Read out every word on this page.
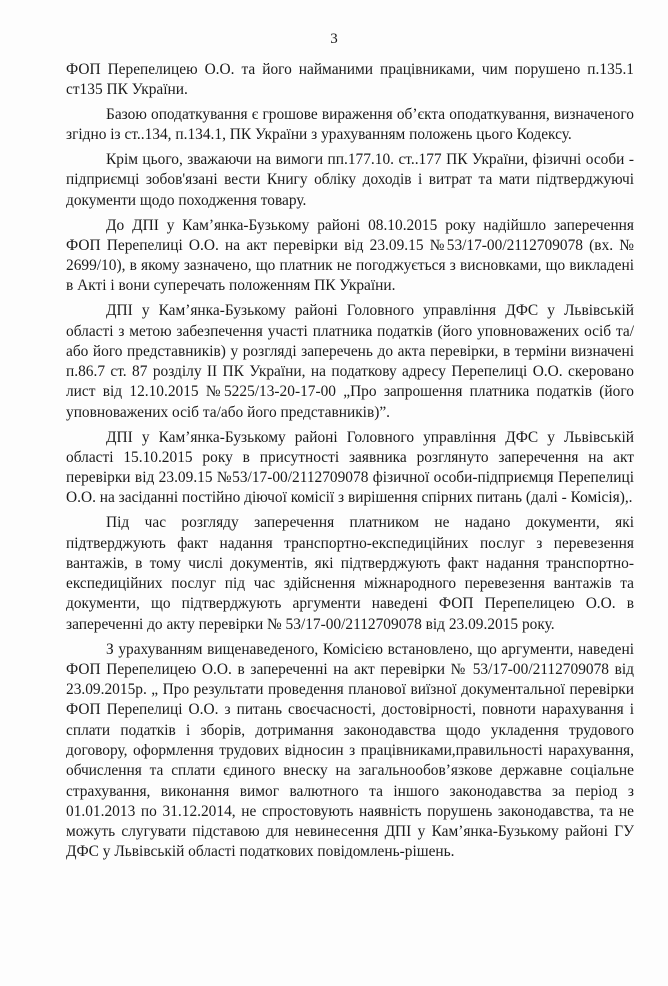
3

ФОП Перепелицею О.О. та його найманими працівниками, чим порушено п.135.1 ст135 ПК України.

Базою оподаткування є грошове вираження об’єкта оподаткування, визначеного згідно із ст..134, п.134.1, ПК України з урахуванням положень цього Кодексу.

Крім цього, зважаючи на вимоги пп.177.10. ст..177 ПК України, фізичні особи - підприємці зобов'язані вести Книгу обліку доходів і витрат та мати підтверджуючі документи щодо походження товару.

До ДПІ у Кам’янка-Бузькому районі 08.10.2015 року надійшло заперечення ФОП Перепелиці О.О. на акт перевірки від 23.09.15 №53/17-00/2112709078 (вх. № 2699/10), в якому зазначено, що платник не погоджується з висновками, що викладені в Акті і вони суперечать положенням ПК України.

ДПІ у Кам’янка-Бузькому районі Головного управління ДФС у Львівській області з метою забезпечення участі платника податків (його уповноважених осіб та/або його представників) у розгляді заперечень до акта перевірки, в терміни визначені п.86.7 ст. 87 розділу ІІ ПК України, на податкову адресу Перепелиці О.О. скеровано лист від 12.10.2015 №5225/13-20-17-00 „Про запрошення платника податків (його уповноважених осіб та/або його представників)”.

ДПІ у Кам’янка-Бузькому районі Головного управління ДФС у Львівській області 15.10.2015 року в присутності заявника розглянуто заперечення на акт перевірки від 23.09.15 №53/17-00/2112709078 фізичної особи-підприємця Перепелиці О.О. на засіданні постійно діючої комісії з вирішення спірних питань (далі - Комісія),.

Під час розгляду заперечення платником не надано документи, які підтверджують факт надання транспортно-експедиційних послуг з перевезення вантажів, в тому числі документів, які підтверджують факт надання транспортно-експедиційних послуг під час здійснення міжнародного перевезення вантажів та документи, що підтверджують аргументи наведені ФОП Перепелицею О.О. в запереченні до акту перевірки № 53/17-00/2112709078 від 23.09.2015 року.

З урахуванням вищенаведеного, Комісією встановлено, що аргументи, наведені ФОП Перепелицею О.О. в запереченні на акт перевірки № 53/17-00/2112709078 від 23.09.2015р. „ Про результати проведення планової виїзної документальної перевірки ФОП Перепелиці О.О. з питань своєчасності, достовірності, повноти нарахування і сплати податків і зборів, дотримання законодавства щодо укладення трудового договору, оформлення трудових відносин з працівниками,правильності нарахування, обчислення та сплати єдиного внеску на загальнообов’язкове державне соціальне страхування, виконання вимог валютного та іншого законодавства за період з 01.01.2013 по 31.12.2014, не спростовують наявність порушень законодавства, та не можуть слугувати підставою для невинесення ДПІ у Кам’янка-Бузькому районі ГУ ДФС у Львівській області податкових повідомлень-рішень.
